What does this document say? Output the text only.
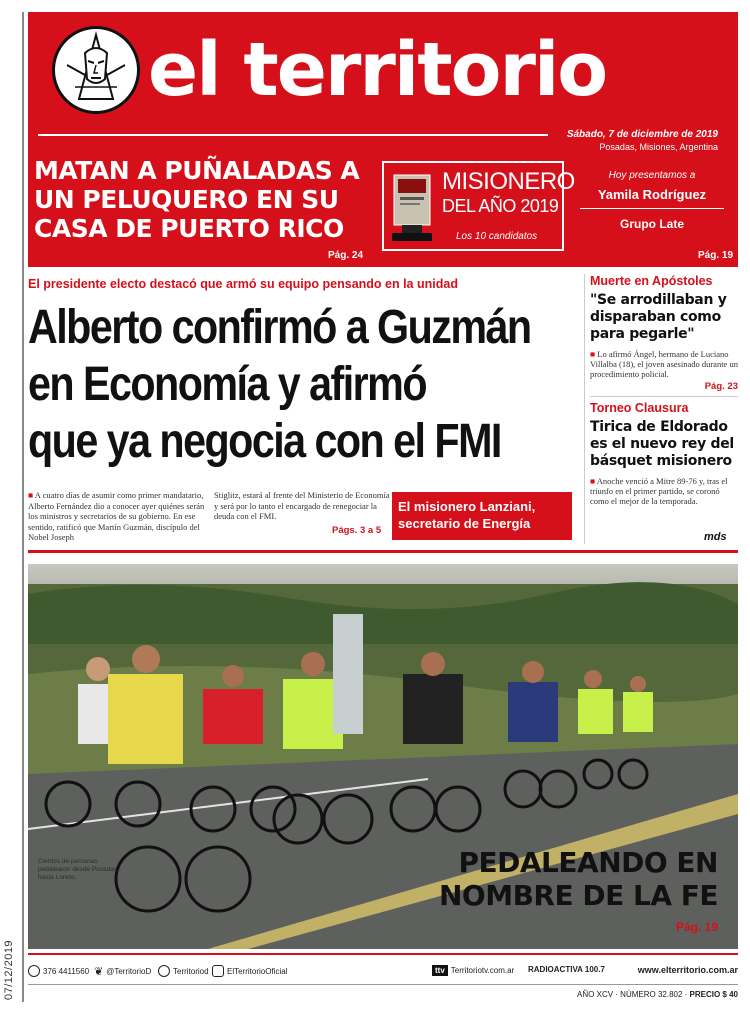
07/12/2019
el territorio
Sábado, 7 de diciembre de 2019
Posadas, Misiones, Argentina
MATAN A PUÑALADAS A UN PELUQUERO EN SU CASA DE PUERTO RICO
Pág. 24
MISIONERO
DEL AÑO 2019
Los 10 candidatos
Hoy presentamos a
Yamila Rodríguez
Grupo Late
Pág. 19
El presidente electo destacó que armó su equipo pensando en la unidad
Alberto confirmó a Guzmán
en Economía y afirmó
que ya negocia con el FMI
■ A cuatro días de asumir como primer mandatario, Alberto Fernández dio a conocer ayer quiénes serán los ministros y secretarios de su gobierno. En ese sentido, ratificó que Martín Guzmán, discípulo del Nobel Joseph
Stiglitz, estará al frente del Ministerio de Economía y será por lo tanto el encargado de renegociar la deuda con el FMI.
Págs. 3 a 5
El misionero Lanziani, secretario de Energía
Muerte en Apóstoles
"Se arrodillaban y disparaban como para pegarle"
■ Lo afirmó Ángel, hermano de Luciano Villalba (18), el joven asesinado durante un procedimiento policial.
Pág. 23
Torneo Clausura
Tirica de Eldorado es el nuevo rey del básquet misionero
■ Anoche venció a Mitre 89-76 y, tras el triunfo en el primer partido, se coronó como el mejor de la temporada.
mds
Cientos de personas pedalearon desde Posadas hasta Loreto.	PEDALEANDO EN
NOMBRE DE LA FE
Pág. 19
376 4411560 ❦ @TerritorioD	Territoriod ElTerritorioOficial	ttv Territoriotv.com.ar RADIOACTIVA 100.7	www.elterritorio.com.ar
AÑO XCV · NÚMERO 32.802 · PRECIO $ 40
